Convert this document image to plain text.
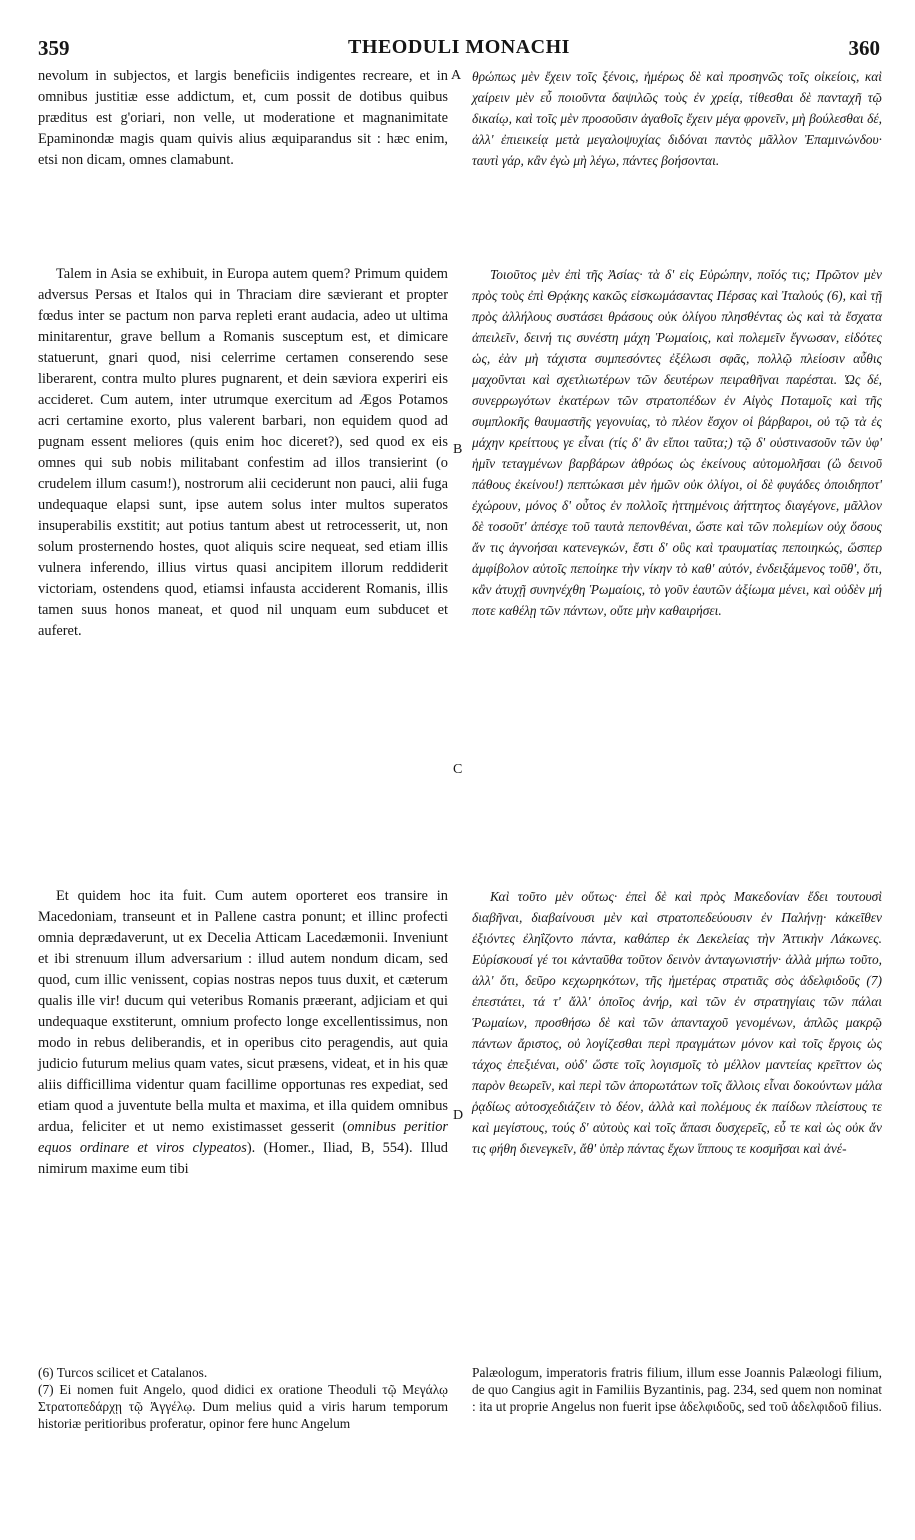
359	THEODULI MONACHI	360

nevolum in subjectos, et largis beneficiis indigentes recreare, et in omnibus justitiæ esse addictum, et, cum possit de dotibus quibus præditus est g'oriari, non velle, ut moderatione et magnanimitate Epaminondæ magis quam quivis alius æquiparandus sit : hæc enim, etsi non dicam, omnes clamabunt.

Talem in Asia se exhibuit, in Europa autem quem? Primum quidem adversus Persas et Italos qui in Thraciam dire sævierant et propter fœdus inter se pactum non parva repleti erant audacia, adeo ut ultima minitarentur, grave bellum a Romanis susceptum est, et dimicare statuerunt, gnari quod, nisi celerrime certamen conserendo sese liberarent, contra multo plures pugnarent, et dein sæviora experiri eis accideret. Cum autem, inter utrumque exercitum ad Ægos Potamos acri certamine exorto, plus valerent barbari, non equidem quod ad pugnam essent meliores (quis enim hoc diceret?), sed quod ex eis omnes qui sub nobis militabant confestim ad illos transierint (o crudelem illum casum!), nostrorum alii ceciderunt non pauci, alii fuga undequaque elapsi sunt, ipse autem solus inter multos superatos insuperabilis exstitit; aut potius tantum abest ut retrocesserit, ut, non solum prosternendo hostes, quot aliquis scire nequeat, sed etiam illis vulnera inferendo, illius virtus quasi ancipitem illorum reddiderit victoriam, ostendens quod, etiamsi infausta acciderent Romanis, illis tamen suus honos maneat, et quod nil unquam eum subducet et auferet.

Et quidem hoc ita fuit. Cum autem oporteret eos transire in Macedoniam, transeunt et in Pallene castra ponunt; et illinc profecti omnia deprædaverunt, ut ex Decelia Atticam Lacedæmonii. Inveniunt et ibi strenuum illum adversarium : illud autem nondum dicam, sed quod, cum illic venissent, copias nostras nepos tuus duxit, et cæterum qualis ille vir! ducum qui veteribus Romanis præerant, adjiciam et qui undequaque exstiterunt, omnium profecto longe excellentissimus, non modo in rebus deliberandis, et in operibus cito peragendis, aut quia judicio futurum melius quam vates, sicut præsens, videat, et in his quæ aliis difficillima videntur quam facillime opportunas res expediat, sed etiam quod a juventute bella multa et maxima, et illa quidem omnibus ardua, feliciter et ut nemo existimasset gesserit (omnibus peritior equos ordinare et viros clypeatos). (Homer., Iliad, B, 554). Illud nimirum maxime eum tibi

A
B
C
D

θρώπως μὲν ἔχειν τοῖς ξένοις, ἡμέρως δὲ καὶ προσηνῶς τοῖς οἰκείοις, καὶ χαίρειν μὲν εὖ ποιοῦντα δαψιλῶς τοὺς ἐν χρείᾳ, τίθεσθαι δὲ πανταχῆ τῷ δικαίῳ, καὶ τοῖς μὲν προσοῦσιν ἀγαθοῖς ἔχειν μέγα φρονεῖν, μὴ βούλεσθαι δέ, ἀλλ' ἐπιεικείᾳ μετὰ μεγαλοψυχίας διδόναι παντὸς μᾶλλον Ἐπαμινώνδου· ταυτὶ γάρ, κἂν ἐγὼ μὴ λέγω, πάντες βοήσονται.

Τοιοῦτος μὲν ἐπὶ τῆς Ἀσίας· τὰ δ' εἰς Εὐρώπην, ποῖός τις; Πρῶτον μὲν πρὸς τοὺς ἐπὶ Θρᾴκης κακῶς εἰσκωμάσαντας Πέρσας καὶ Ἰταλούς (6), καὶ τῇ πρὸς ἀλλήλους συστάσει θράσους οὐκ ὀλίγου πλησθέντας ὡς καὶ τὰ ἔσχατα ἀπειλεῖν, δεινή τις συνέστη μάχη Ῥωμαίοις, καὶ πολεμεῖν ἔγνωσαν, εἰδότες ὡς, ἐὰν μὴ τάχιστα συμπεσόντες ἐξέλωσι σφᾶς, πολλῷ πλείοσιν αὖθις μαχοῦνται καὶ σχετλιωτέρων τῶν δευτέρων πειραθῆναι παρέσται. Ὡς δέ, συνερρωγότων ἑκατέρων τῶν στρατοπέδων ἐν Αἰγὸς Ποταμοῖς καὶ τῆς συμπλοκῆς θαυμαστῆς γεγονυίας, τὸ πλέον ἔσχον οἱ βάρβαροι, οὐ τῷ τὰ ἐς μάχην κρείττους γε εἶναι (τίς δ' ἂν εἴποι ταῦτα;) τῷ δ' οὑστινασοῦν τῶν ὑφ' ἡμῖν τεταγμένων βαρβάρων ἀθρόως ὡς ἐκείνους αὐτομολῆσαι (ὢ δεινοῦ πάθους ἐκείνου!) πεπτώκασι μὲν ἡμῶν οὐκ ὀλίγοι, οἱ δὲ φυγάδες ὁποιδηποτ' ἐχώρουν, μόνος δ' οὗτος ἐν πολλοῖς ἡττημένοις ἀήττητος διαγέγονε, μᾶλλον δὲ τοσοῦτ' ἀπέσχε τοῦ ταυτὰ πεπονθέναι, ὥστε καὶ τῶν πολεμίων οὐχ ὅσους ἄν τις ἀγνοήσαι κατενεγκών, ἔστι δ' οὓς καὶ τραυματίας πεποιηκώς, ὥσπερ ἀμφίβολον αὐτοῖς πεποίηκε τὴν νίκην τὸ καθ' αὑτόν, ἐνδειξάμενος τοῦθ', ὅτι, κἂν ἀτυχῇ συνηνέχθη Ῥωμαίοις, τὸ γοῦν ἑαυτῶν ἀξίωμα μένει, καὶ οὐδὲν μή ποτε καθέλῃ τῶν πάντων, οὔτε μὴν καθαιρήσει.

Καὶ τοῦτο μὲν οὕτως· ἐπεὶ δὲ καὶ πρὸς Μακεδονίαν ἔδει τουτουσὶ διαβῆναι, διαβαίνουσι μὲν καὶ στρατοπεδεύουσιν ἐν Παλήνῃ· κἀκεῖθεν ἐξιόντες ἐληΐζοντο πάντα, καθάπερ ἐκ Δεκελείας τὴν Ἀττικὴν Λάκωνες. Εὑρίσκουσί γέ τοι κἀνταῦθα τοῦτον δεινὸν ἀνταγωνιστήν· ἀλλὰ μήπω τοῦτο, ἀλλ' ὅτι, δεῦρο κεχωρηκότων, τῆς ἡμετέρας στρατιᾶς σὸς ἀδελφιδοῦς (7) ἐπεστάτει, τά τ' ἄλλ' ὁποῖος ἀνήρ, καὶ τῶν ἐν στρατηγίαις τῶν πάλαι Ῥωμαίων, προσθήσω δὲ καὶ τῶν ἁπανταχοῦ γενομένων, ἁπλῶς μακρῷ πάντων ἄριστος, οὐ λογίζεσθαι περὶ πραγμάτων μόνον καὶ τοῖς ἔργοις ὡς τάχος ἐπεξιέναι, οὐδ' ὥστε τοῖς λογισμοῖς τὸ μέλλον μαντείας κρεῖττον ὡς παρὸν θεωρεῖν, καὶ περὶ τῶν ἀπορωτάτων τοῖς ἄλλοις εἶναι δοκούντων μάλα ῥᾳδίως αὐτοσχεδιάζειν τὸ δέον, ἀλλὰ καὶ πολέμους ἐκ παίδων πλείστους τε καὶ μεγίστους, τούς δ' αὐτοὺς καὶ τοῖς ἅπασι δυσχερεῖς, εὖ τε καὶ ὡς οὐκ ἄν τις φήθη διενεγκεῖν, ἄθ' ὑπὲρ πάντας ἔχων ἵππους τε κοσμῆσαι καὶ ἀνέ-

(6) Turcos scilicet et Catalanos.

(7) Ei nomen fuit Angelo, quod didici ex oratione Theoduli τῷ Μεγάλῳ Στρατοπεδάρχῃ τῷ Ἀγγέλῳ. Dum melius quid a viris harum temporum historiæ peritioribus proferatur, opinor fere hunc Angelum

Palæologum, imperatoris fratris filium, illum esse Joannis Palæologi filium, de quo Cangius agit in Familiis Byzantinis, pag. 234, sed quem non nominat : ita ut proprie Angelus non fuerit ipse ἀδελφιδοῦς, sed τοῦ ἀδελφιδοῦ filius.
